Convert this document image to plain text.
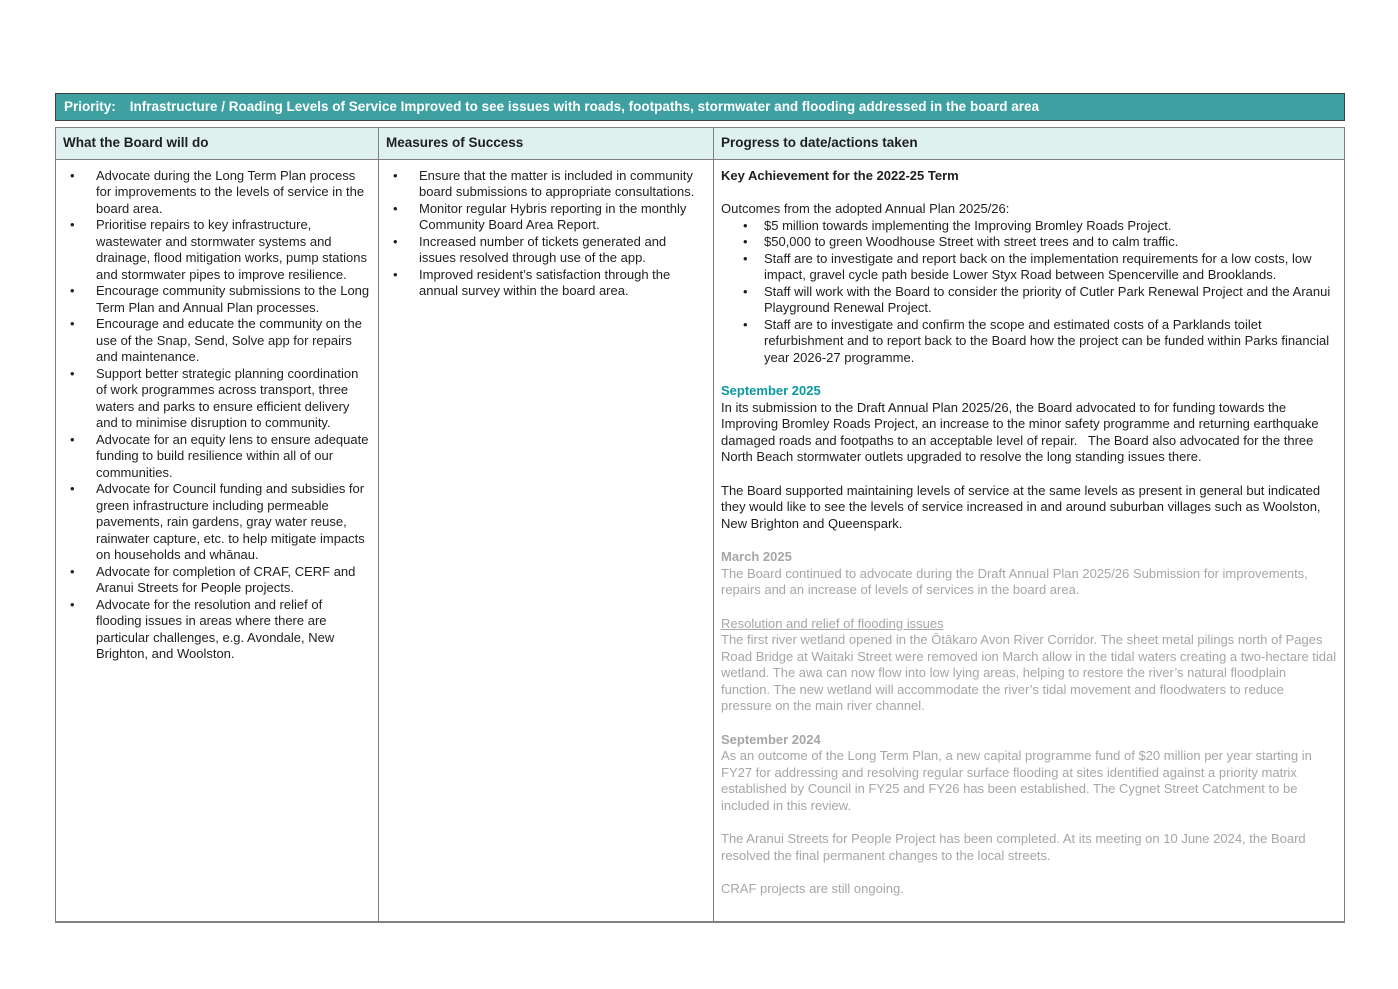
Priority: Infrastructure / Roading Levels of Service Improved to see issues with roads, footpaths, stormwater and flooding addressed in the board area
What the Board will do	Measures of Success	Progress to date/actions taken
• Advocate during the Long Term Plan process for improvements to the levels of service in the board area.
• Prioritise repairs to key infrastructure, wastewater and stormwater systems and drainage, flood mitigation works, pump stations and stormwater pipes to improve resilience.
• Encourage community submissions to the Long Term Plan and Annual Plan processes.
• Encourage and educate the community on the use of the Snap, Send, Solve app for repairs and maintenance.
• Support better strategic planning coordination of work programmes across transport, three waters and parks to ensure efficient delivery and to minimise disruption to community.
• Advocate for an equity lens to ensure adequate funding to build resilience within all of our communities.
• Advocate for Council funding and subsidies for green infrastructure including permeable pavements, rain gardens, gray water reuse, rainwater capture, etc. to help mitigate impacts on households and whānau.
• Advocate for completion of CRAF, CERF and Aranui Streets for People projects.
• Advocate for the resolution and relief of flooding issues in areas where there are particular challenges, e.g. Avondale, New Brighton, and Woolston.
• Ensure that the matter is included in community board submissions to appropriate consultations.
• Monitor regular Hybris reporting in the monthly Community Board Area Report.
• Increased number of tickets generated and issues resolved through use of the app.
• Improved resident’s satisfaction through the annual survey within the board area.
Key Achievement for the 2022-25 Term
Outcomes from the adopted Annual Plan 2025/26:
• $5 million towards implementing the Improving Bromley Roads Project.
• $50,000 to green Woodhouse Street with street trees and to calm traffic.
• Staff are to investigate and report back on the implementation requirements for a low costs, low impact, gravel cycle path beside Lower Styx Road between Spencerville and Brooklands.
• Staff will work with the Board to consider the priority of Cutler Park Renewal Project and the Aranui Playground Renewal Project.
• Staff are to investigate and confirm the scope and estimated costs of a Parklands toilet refurbishment and to report back to the Board how the project can be funded within Parks financial year 2026-27 programme.
September 2025
In its submission to the Draft Annual Plan 2025/26, the Board advocated to for funding towards the Improving Bromley Roads Project, an increase to the minor safety programme and returning earthquake damaged roads and footpaths to an acceptable level of repair.   The Board also advocated for the three North Beach stormwater outlets upgraded to resolve the long standing issues there.
The Board supported maintaining levels of service at the same levels as present in general but indicated they would like to see the levels of service increased in and around suburban villages such as Woolston, New Brighton and Queenspark.
March 2025
The Board continued to advocate during the Draft Annual Plan 2025/26 Submission for improvements, repairs and an increase of levels of services in the board area.
Resolution and relief of flooding issues
The first river wetland opened in the Ōtākaro Avon River Corridor. The sheet metal pilings north of Pages Road Bridge at Waitaki Street were removed ion March allow in the tidal waters creating a two-hectare tidal wetland. The awa can now flow into low lying areas, helping to restore the river’s natural floodplain function. The new wetland will accommodate the river’s tidal movement and floodwaters to reduce pressure on the main river channel.
September 2024
As an outcome of the Long Term Plan, a new capital programme fund of $20 million per year starting in FY27 for addressing and resolving regular surface flooding at sites identified against a priority matrix established by Council in FY25 and FY26 has been established. The Cygnet Street Catchment to be included in this review.
The Aranui Streets for People Project has been completed. At its meeting on 10 June 2024, the Board resolved the final permanent changes to the local streets.
CRAF projects are still ongoing.
